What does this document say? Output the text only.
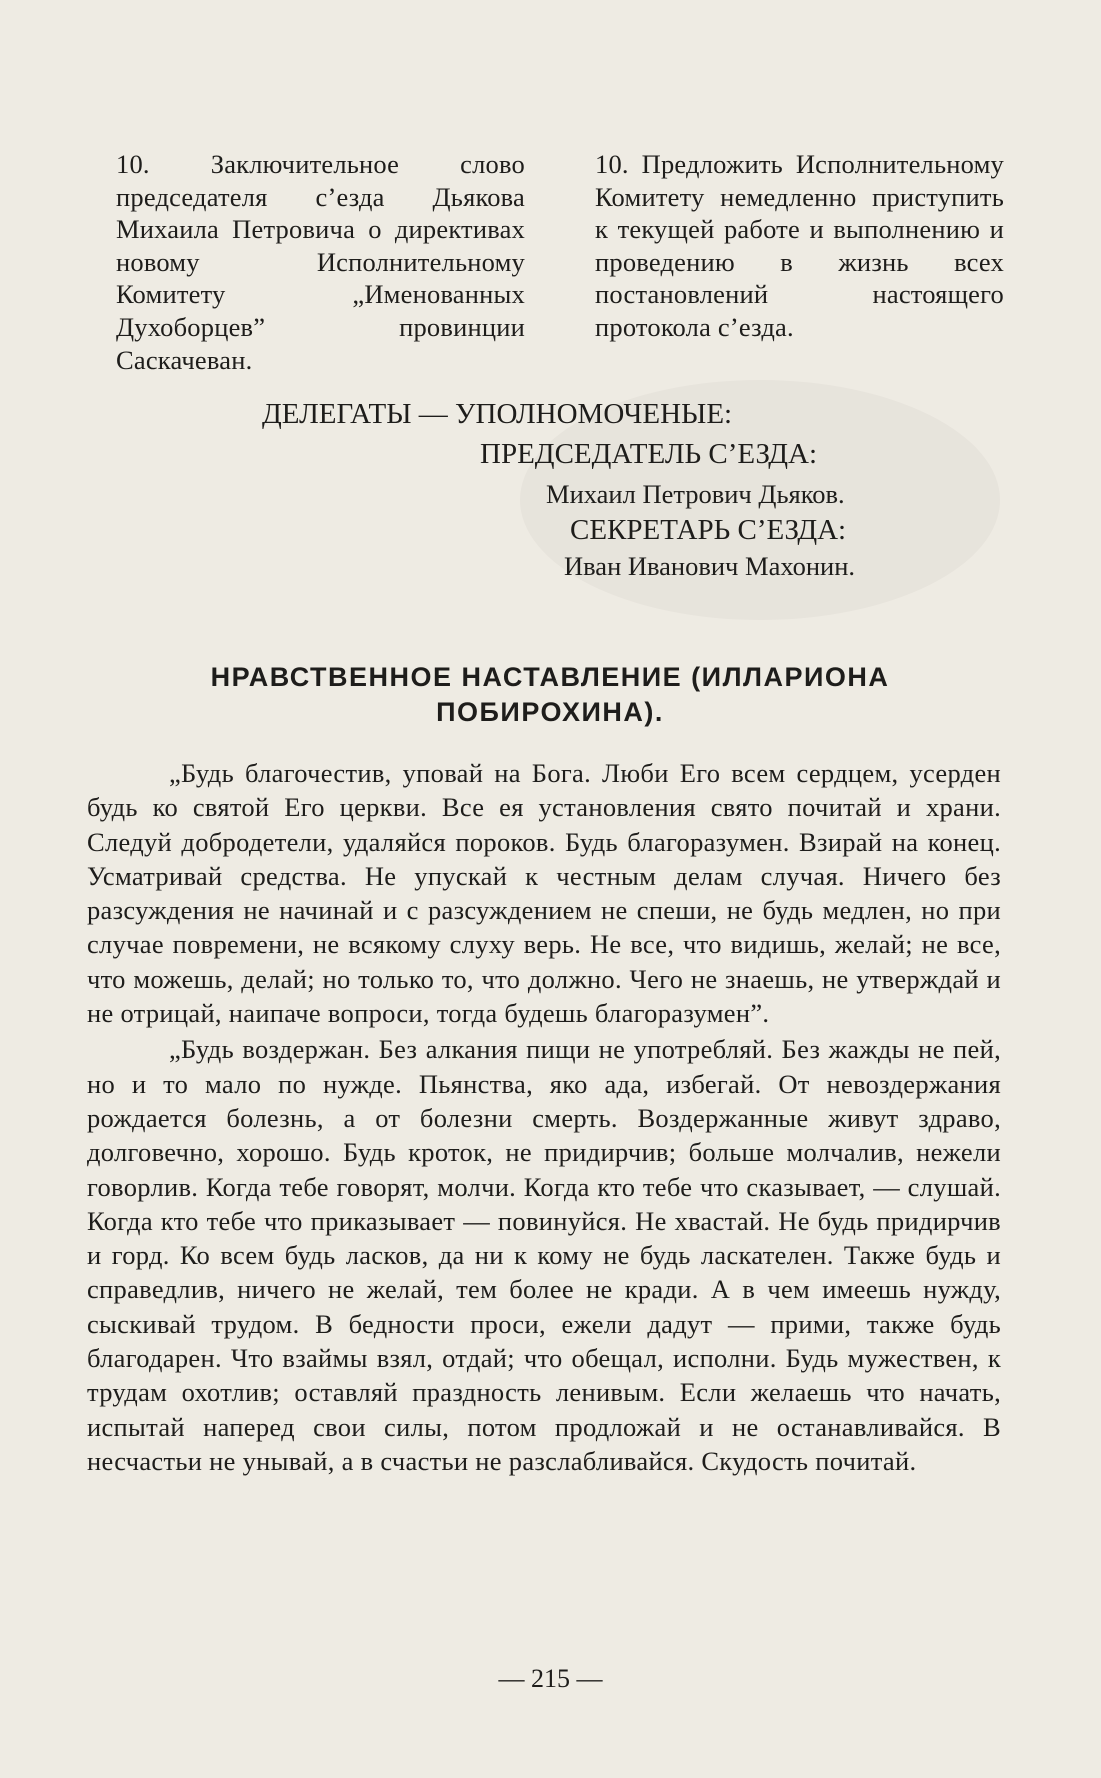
10. Заключительное слово председателя с’езда Дьякова Михаила Петровича о директивах новому Исполнительному Комитету „Именованных Духоборцев” провинции Саскачеван.

10. Предложить Исполнительному Комитету немедленно приступить к текущей работе и выполнению и проведению в жизнь всех постановлений настоящего протокола с’езда.

ДЕЛЕГАТЫ — УПОЛНОМОЧЕНЫЕ:
ПРЕДСЕДАТЕЛЬ С’ЕЗДА:
Михаил Петрович Дьяков.
СЕКРЕТАРЬ С’ЕЗДА:
Иван Иванович Махонин.
НРАВСТВЕННОЕ НАСТАВЛЕНИЕ (ИЛЛАРИОНА ПОБИРОХИНА).

„Будь благочестив, уповай на Бога. Люби Его всем сердцем, усерден будь ко святой Его церкви. Все ея установления свято почитай и храни. Следуй добродетели, удаляйся пороков. Будь благоразумен. Взирай на конец. Усматривай средства. Не упускай к честным делам случая. Ничего без разсуждения не начинай и с разсуждением не спеши, не будь медлен, но при случае повремени, не всякому слуху верь. Не все, что видишь, желай; не все, что можешь, делай; но только то, что должно. Чего не знаешь, не утверждай и не отрицай, наипаче вопроси, тогда будешь благоразумен”.

„Будь воздержан. Без алкания пищи не употребляй. Без жажды не пей, но и то мало по нужде. Пьянства, яко ада, избегай. От невоздержания рождается болезнь, а от болезни смерть. Воздержанные живут здраво, долговечно, хорошо. Будь кроток, не придирчив; больше молчалив, нежели говорлив. Когда тебе говорят, молчи. Когда кто тебе что сказывает, — слушай. Когда кто тебе что приказывает — повинуйся. Не хвастай. Не будь придирчив и горд. Ко всем будь ласков, да ни к кому не будь ласкателен. Также будь и справедлив, ничего не желай, тем более не кради. А в чем имеешь нужду, сыскивай трудом. В бедности проси, ежели дадут — прими, также будь благодарен. Что взаймы взял, отдай; что обещал, исполни. Будь мужествен, к трудам охотлив; оставляй праздность ленивым. Если желаешь что начать, испытай наперед свои силы, потом продложай и не останавливайся. В несчастьи не унывай, а в счастьи не разслабливайся. Скудость почитай.

— 215 —
